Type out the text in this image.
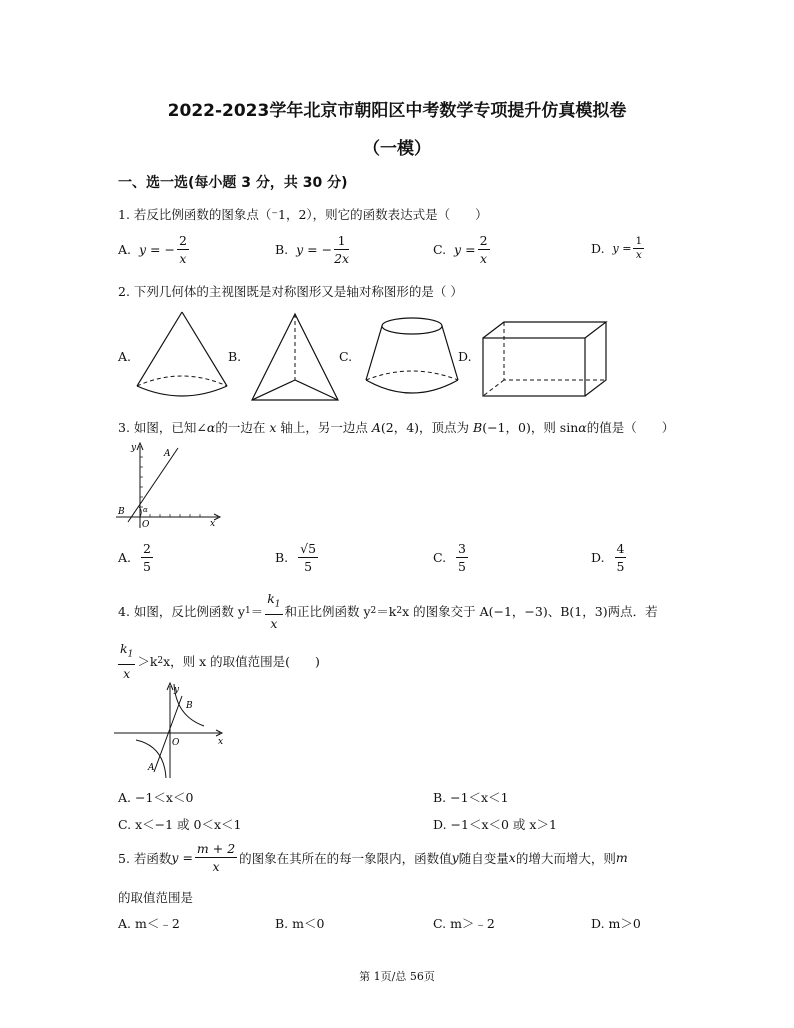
2022-2023学年北京市朝阳区中考数学专项提升仿真模拟卷
（一模）
一、选一选(每小题 3 分，共 30 分)
1. 若反比例函数的图象点（⁻1，2），则它的函数表达式是（　　）
A.
y =
− $\frac{2}{x}$	B.
y =
− $\frac{1}{2x}$	C.
$y = \frac{2}{x}$	D.
$y = \frac{1}{x}$
2. 下列几何体的主视图既是对称图形又是轴对称图形的是（ ）
A.	B.	C.	D.
3. 如图，已知∠α的一边在 x 轴上，另一边点 A(2，4)，顶点为 B(−1，0)，则 sinα的值是（　　）
y
A
B	α
O	x
A.
$\frac{2}{5}$	B.
$\frac{√5}{5}$	C.
$\frac{3}{5}$	D.
$\frac{4}{5}$
4. 如图，反比例函数 y $1 = \frac{k_1}{x}$ 和正比例函数 y 2 ＝k 2 x 的图象交于 A(−1，−3)、B(1，3)两点．若
$\frac{k_1}{x} >k$ 2 x，则 x 的取值范围是(　　)
y
B
O	x
A
A. −1＜x＜0	B. −1＜x＜1
C. x＜−1 或 0＜x＜1	D. −1＜x＜0 或 x＞1
5. 若函数 $y = \frac{m + 2}{x}$ 的图象在其所在的每一象限内，函数值 y 随自变量 x 的增大而增大，则 m
的取值范围是
A. m＜﹣2	B. m＜0	C. m＞﹣2	D. m＞0
第 1页/总 56页
